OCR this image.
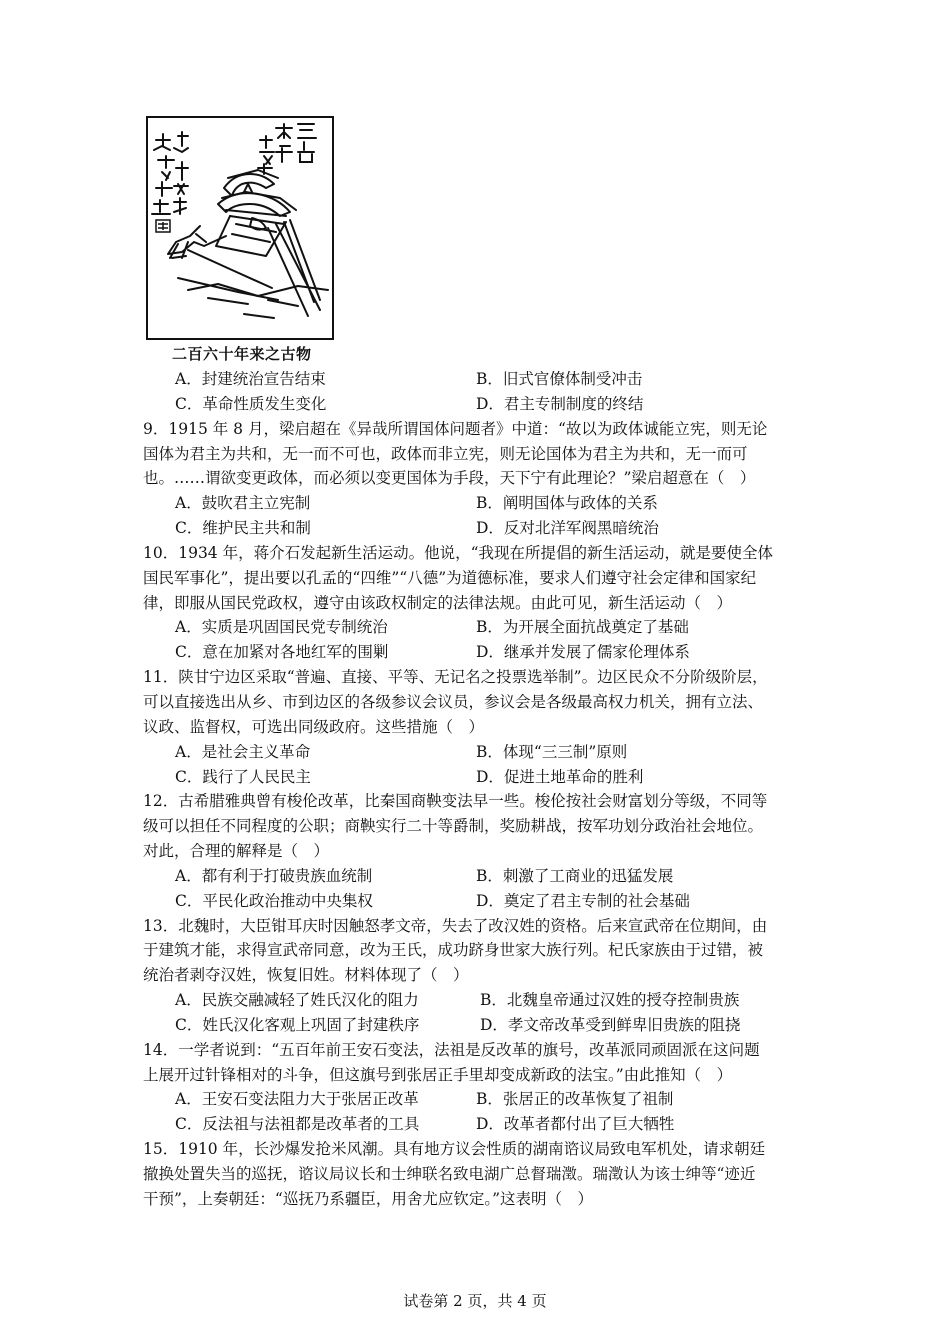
二百六十年来之古物
A．封建统治宣告结束	B．旧式官僚体制受冲击
C．革命性质发生变化	D．君主专制制度的终结
9．1915 年 8 月，梁启超在《异哉所谓国体问题者》中道：“故以为政体诚能立宪，则无论
国体为君主为共和，无一而不可也，政体而非立宪，则无论国体为君主为共和，无一而可
也。……谓欲变更政体，而必须以变更国体为手段，天下宁有此理论？”梁启超意在（　）
A．鼓吹君主立宪制	B．阐明国体与政体的关系
C．维护民主共和制	D．反对北洋军阀黑暗统治
10．1934 年，蒋介石发起新生活运动。他说，“我现在所提倡的新生活运动，就是要使全体
国民军事化”，提出要以孔孟的“四维”“八德”为道德标准，要求人们遵守社会定律和国家纪
律，即服从国民党政权，遵守由该政权制定的法律法规。由此可见，新生活运动（　）
A．实质是巩固国民党专制统治	B．为开展全面抗战奠定了基础
C．意在加紧对各地红军的围剿	D．继承并发展了儒家伦理体系
11．陕甘宁边区采取“普遍、直接、平等、无记名之投票选举制”。边区民众不分阶级阶层，
可以直接选出从乡、市到边区的各级参议会议员，参议会是各级最高权力机关，拥有立法、
议政、监督权，可选出同级政府。这些措施（　）
A．是社会主义革命	B．体现“三三制”原则
C．践行了人民民主	D．促进土地革命的胜利
12．古希腊雅典曾有梭伦改革，比秦国商鞅变法早一些。梭伦按社会财富划分等级，不同等
级可以担任不同程度的公职；商鞅实行二十等爵制，奖励耕战，按军功划分政治社会地位。
对此，合理的解释是（　）
A．都有利于打破贵族血统制	B．刺激了工商业的迅猛发展
C．平民化政治推动中央集权	D．奠定了君主专制的社会基础
13．北魏时，大臣钳耳庆时因触怒孝文帝，失去了改汉姓的资格。后来宣武帝在位期间，由
于建筑才能，求得宣武帝同意，改为王氏，成功跻身世家大族行列。杞氏家族由于过错，被
统治者剥夺汉姓，恢复旧姓。材料体现了（　）
A．民族交融减轻了姓氏汉化的阻力	B．北魏皇帝通过汉姓的授夺控制贵族
C．姓氏汉化客观上巩固了封建秩序	D．孝文帝改革受到鲜卑旧贵族的阻挠
14．一学者说到：“五百年前王安石变法，法祖是反改革的旗号，改革派同顽固派在这问题
上展开过针锋相对的斗争，但这旗号到张居正手里却变成新政的法宝。”由此推知（　）
A．王安石变法阻力大于张居正改革	B．张居正的改革恢复了祖制
C．反法祖与法祖都是改革者的工具	D．改革者都付出了巨大牺牲
15．1910 年，长沙爆发抢米风潮。具有地方议会性质的湖南谘议局致电军机处，请求朝廷
撤换处置失当的巡抚，谘议局议长和士绅联名致电湖广总督瑞澂。瑞澂认为该士绅等“迹近
干预”，上奏朝廷：“巡抚乃系疆臣，用舍尤应钦定。”这表明（　）
试卷第 2 页，共 4 页
